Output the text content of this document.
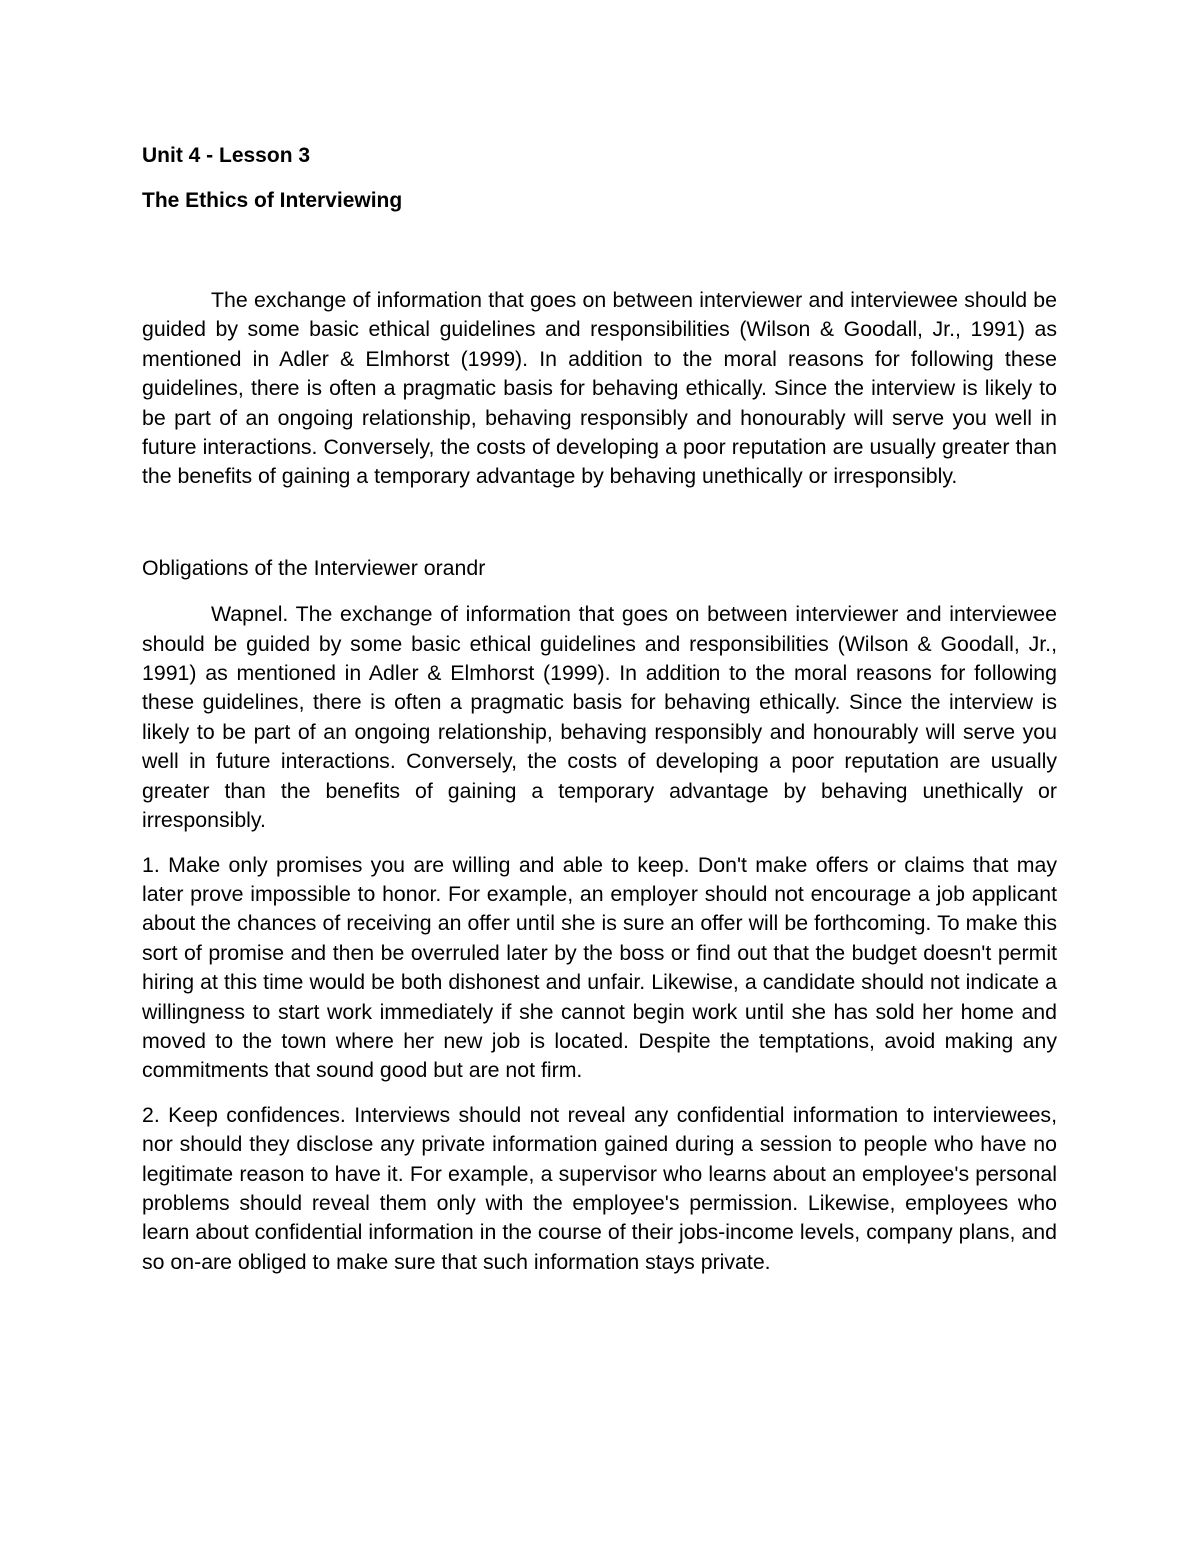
Unit 4 - Lesson 3

The Ethics of Interviewing

The exchange of information that goes on between interviewer and interviewee should be guided by some basic ethical guidelines and responsibilities (Wilson & Goodall, Jr., 1991) as mentioned in Adler & Elmhorst (1999). In addition to the moral reasons for following these guidelines, there is often a pragmatic basis for behaving ethically. Since the interview is likely to be part of an ongoing relationship, behaving responsibly and honourably will serve you well in future interactions. Conversely, the costs of developing a poor reputation are usually greater than the benefits of gaining a temporary advantage by behaving unethically or irresponsibly.

Obligations of the Interviewer orandr

Wapnel. The exchange of information that goes on between interviewer and interviewee should be guided by some basic ethical guidelines and responsibilities (Wilson & Goodall, Jr., 1991) as mentioned in Adler & Elmhorst (1999). In addition to the moral reasons for following these guidelines, there is often a pragmatic basis for behaving ethically. Since the interview is likely to be part of an ongoing relationship, behaving responsibly and honourably will serve you well in future interactions. Conversely, the costs of developing a poor reputation are usually greater than the benefits of gaining a temporary advantage by behaving unethically or irresponsibly.

1. Make only promises you are willing and able to keep. Don't make offers or claims that may later prove impossible to honor. For example, an employer should not encourage a job applicant about the chances of receiving an offer until she is sure an offer will be forthcoming. To make this sort of promise and then be overruled later by the boss or find out that the budget doesn't permit hiring at this time would be both dishonest and unfair. Likewise, a candidate should not indicate a willingness to start work immediately if she cannot begin work until she has sold her home and moved to the town where her new job is located. Despite the temptations, avoid making any commitments that sound good but are not firm.

2. Keep confidences. Interviews should not reveal any confidential information to interviewees, nor should they disclose any private information gained during a session to people who have no legitimate reason to have it. For example, a supervisor who learns about an employee's personal problems should reveal them only with the employee's permission. Likewise, employees who learn about confidential information in the course of their jobs-income levels, company plans, and so on-are obliged to make sure that such information stays private.
